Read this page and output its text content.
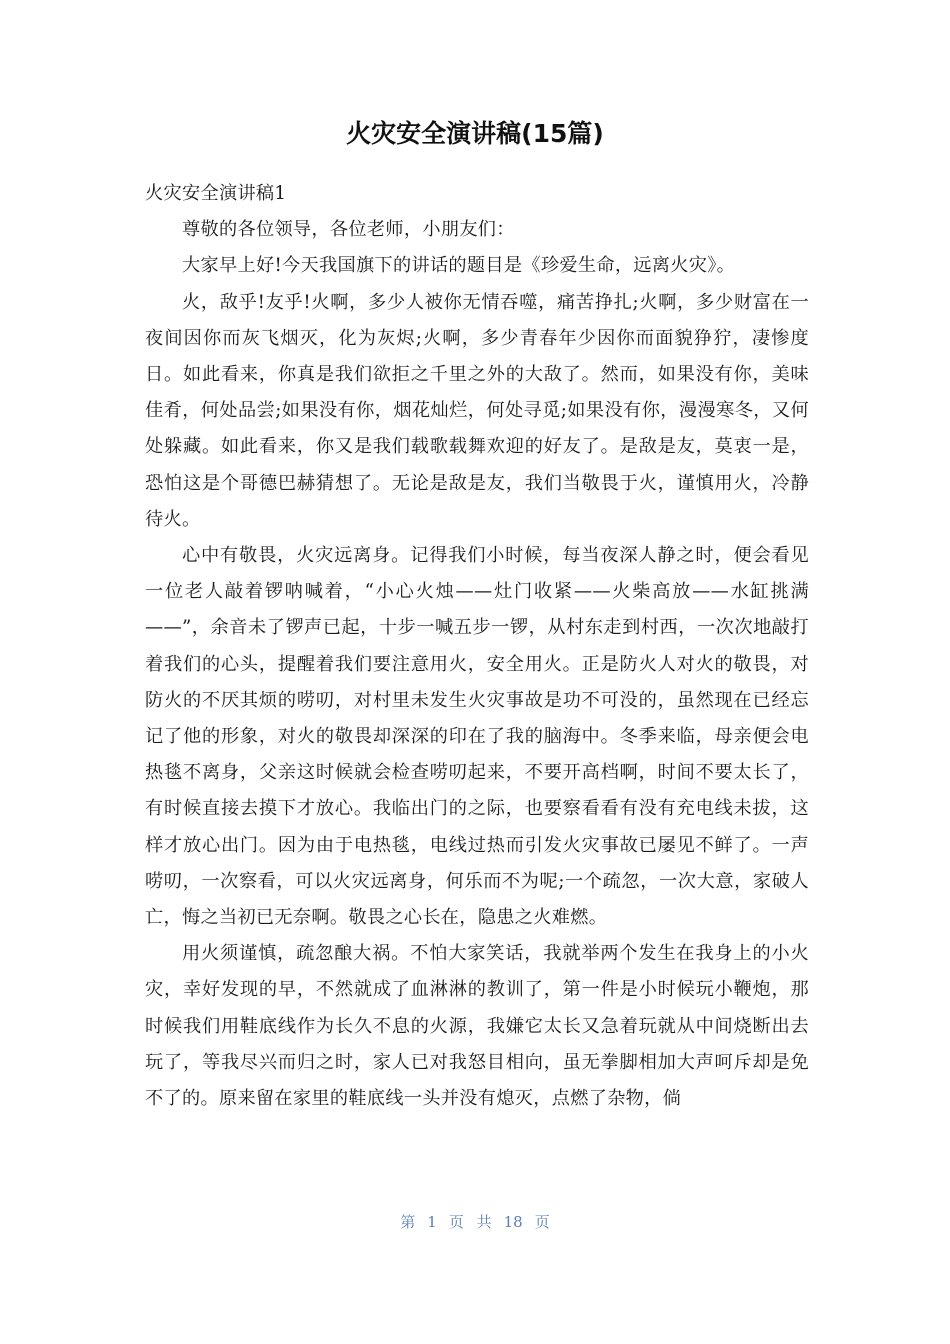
火灾安全演讲稿(15篇)

火灾安全演讲稿1

尊敬的各位领导，各位老师，小朋友们：

大家早上好!今天我国旗下的讲话的题目是《珍爱生命，远离火灾》。

火，敌乎!友乎!火啊，多少人被你无情吞噬，痛苦挣扎;火啊，多少财富在一夜间因你而灰飞烟灭，化为灰烬;火啊，多少青春年少因你而面貌狰狞，凄惨度日。如此看来，你真是我们欲拒之千里之外的大敌了。然而，如果没有你，美味佳肴，何处品尝;如果没有你，烟花灿烂，何处寻觅;如果没有你，漫漫寒冬，又何处躲藏。如此看来，你又是我们载歌载舞欢迎的好友了。是敌是友，莫衷一是，恐怕这是个哥德巴赫猜想了。无论是敌是友，我们当敬畏于火，谨慎用火，冷静待火。

心中有敬畏，火灾远离身。记得我们小时候，每当夜深人静之时，便会看见一位老人敲着锣呐喊着，“小心火烛——灶门收紧——火柴高放——水缸挑满——”，余音未了锣声已起，十步一喊五步一锣，从村东走到村西，一次次地敲打着我们的心头，提醒着我们要注意用火，安全用火。正是防火人对火的敬畏，对防火的不厌其烦的唠叨，对村里未发生火灾事故是功不可没的，虽然现在已经忘记了他的形象，对火的敬畏却深深的印在了我的脑海中。冬季来临，母亲便会电热毯不离身，父亲这时候就会检查唠叨起来，不要开高档啊，时间不要太长了，有时候直接去摸下才放心。我临出门的之际，也要察看看有没有充电线未拔，这样才放心出门。因为由于电热毯，电线过热而引发火灾事故已屡见不鲜了。一声唠叨，一次察看，可以火灾远离身，何乐而不为呢;一个疏忽，一次大意，家破人亡，悔之当初已无奈啊。敬畏之心长在，隐患之火难燃。

用火须谨慎，疏忽酿大祸。不怕大家笑话，我就举两个发生在我身上的小火灾，幸好发现的早，不然就成了血淋淋的教训了，第一件是小时候玩小鞭炮，那时候我们用鞋底线作为长久不息的火源，我嫌它太长又急着玩就从中间烧断出去玩了，等我尽兴而归之时，家人已对我怒目相向，虽无拳脚相加大声呵斥却是免不了的。原来留在家里的鞋底线一头并没有熄灭，点燃了杂物，倘

第 1 页 共 18 页
